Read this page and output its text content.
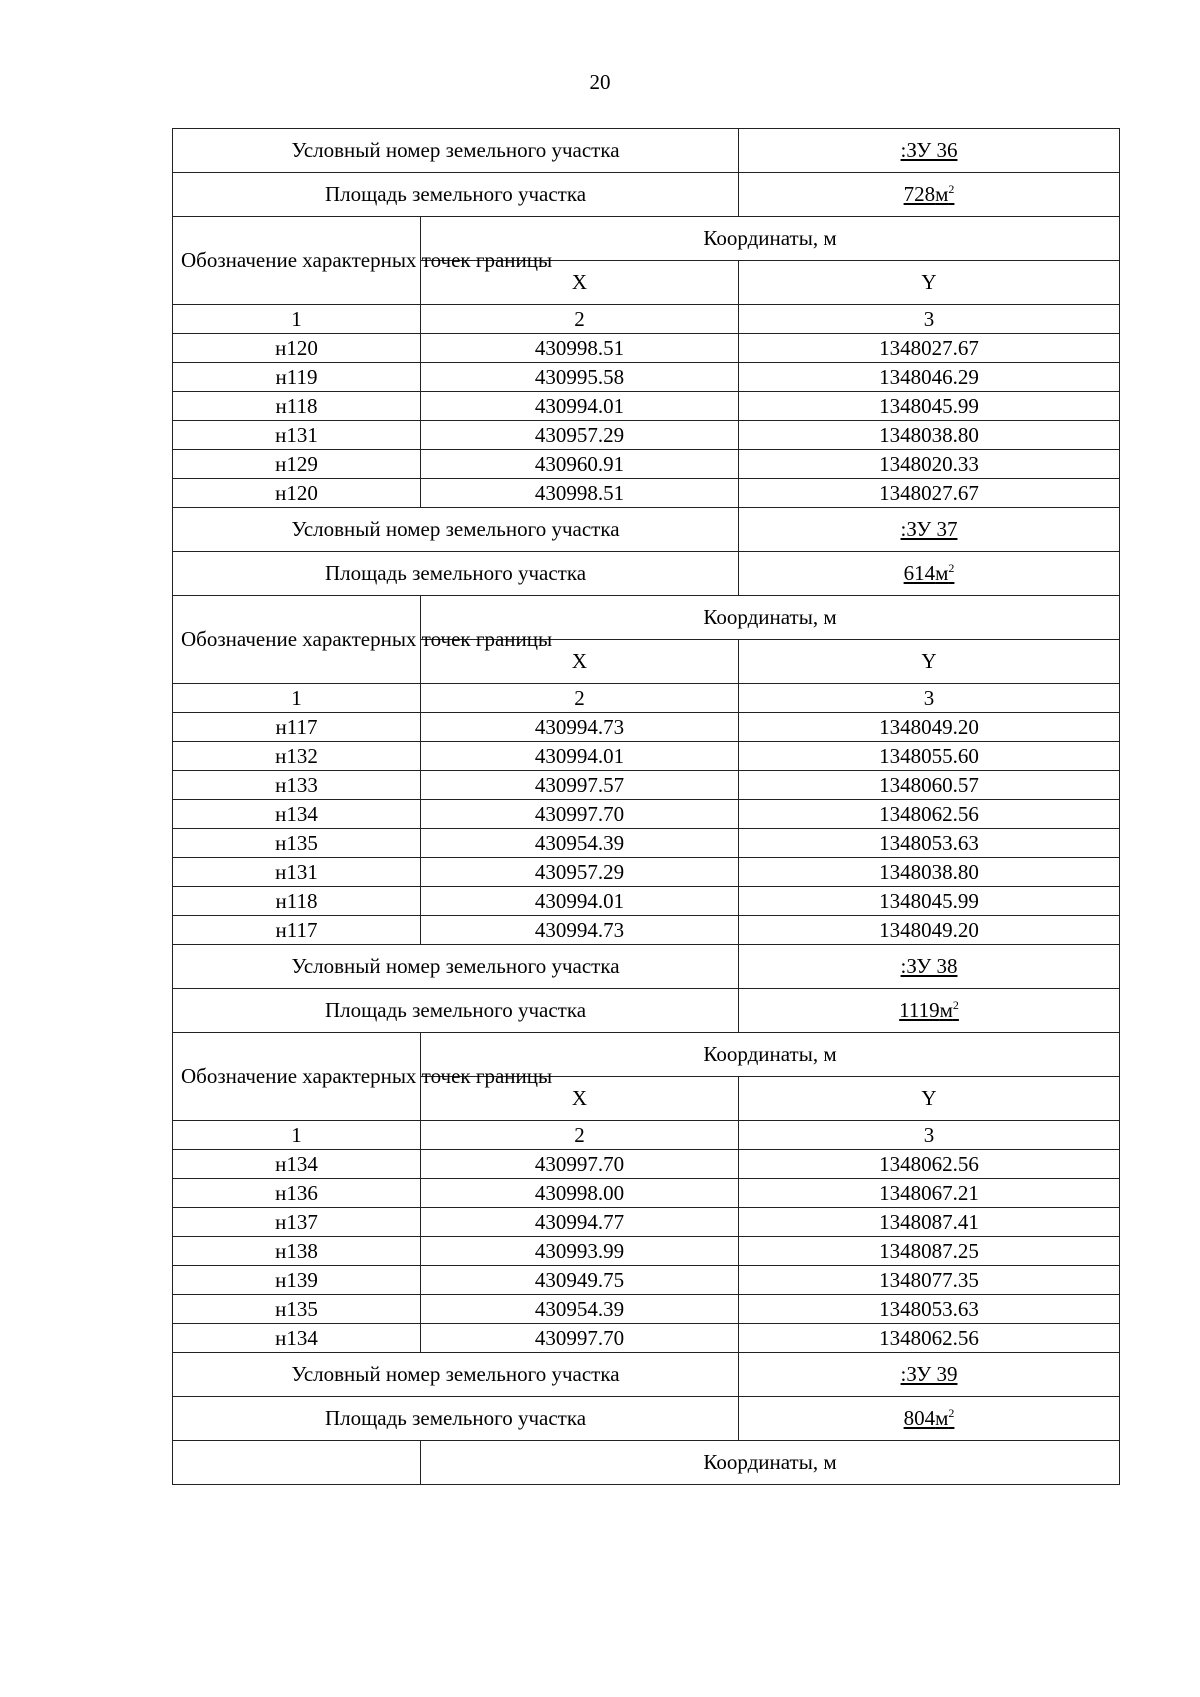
20
Условный номер земельного участка		:ЗУ 36
Площадь земельного участка		$728м^2$
Обозначение характерных точек границы	Координаты, м	
	X	Y
1	2	3
н120	430998.51	1348027.67
н119	430995.58	1348046.29
н118	430994.01	1348045.99
н131	430957.29	1348038.80
н129	430960.91	1348020.33
н120	430998.51	1348027.67
Условный номер земельного участка		:ЗУ 37
Площадь земельного участка		$614м^2$
Обозначение характерных точек границы	Координаты, м	
	X	Y
1	2	3
н117	430994.73	1348049.20
н132	430994.01	1348055.60
н133	430997.57	1348060.57
н134	430997.70	1348062.56
н135	430954.39	1348053.63
н131	430957.29	1348038.80
н118	430994.01	1348045.99
н117	430994.73	1348049.20
Условный номер земельного участка		:ЗУ 38
Площадь земельного участка		$1119м^2$
Обозначение характерных точек границы	Координаты, м	
	X	Y
1	2	3
н134	430997.70	1348062.56
н136	430998.00	1348067.21
н137	430994.77	1348087.41
н138	430993.99	1348087.25
н139	430949.75	1348077.35
н135	430954.39	1348053.63
н134	430997.70	1348062.56
Условный номер земельного участка		:ЗУ 39
Площадь земельного участка		$804м^2$
	Координаты, м	
